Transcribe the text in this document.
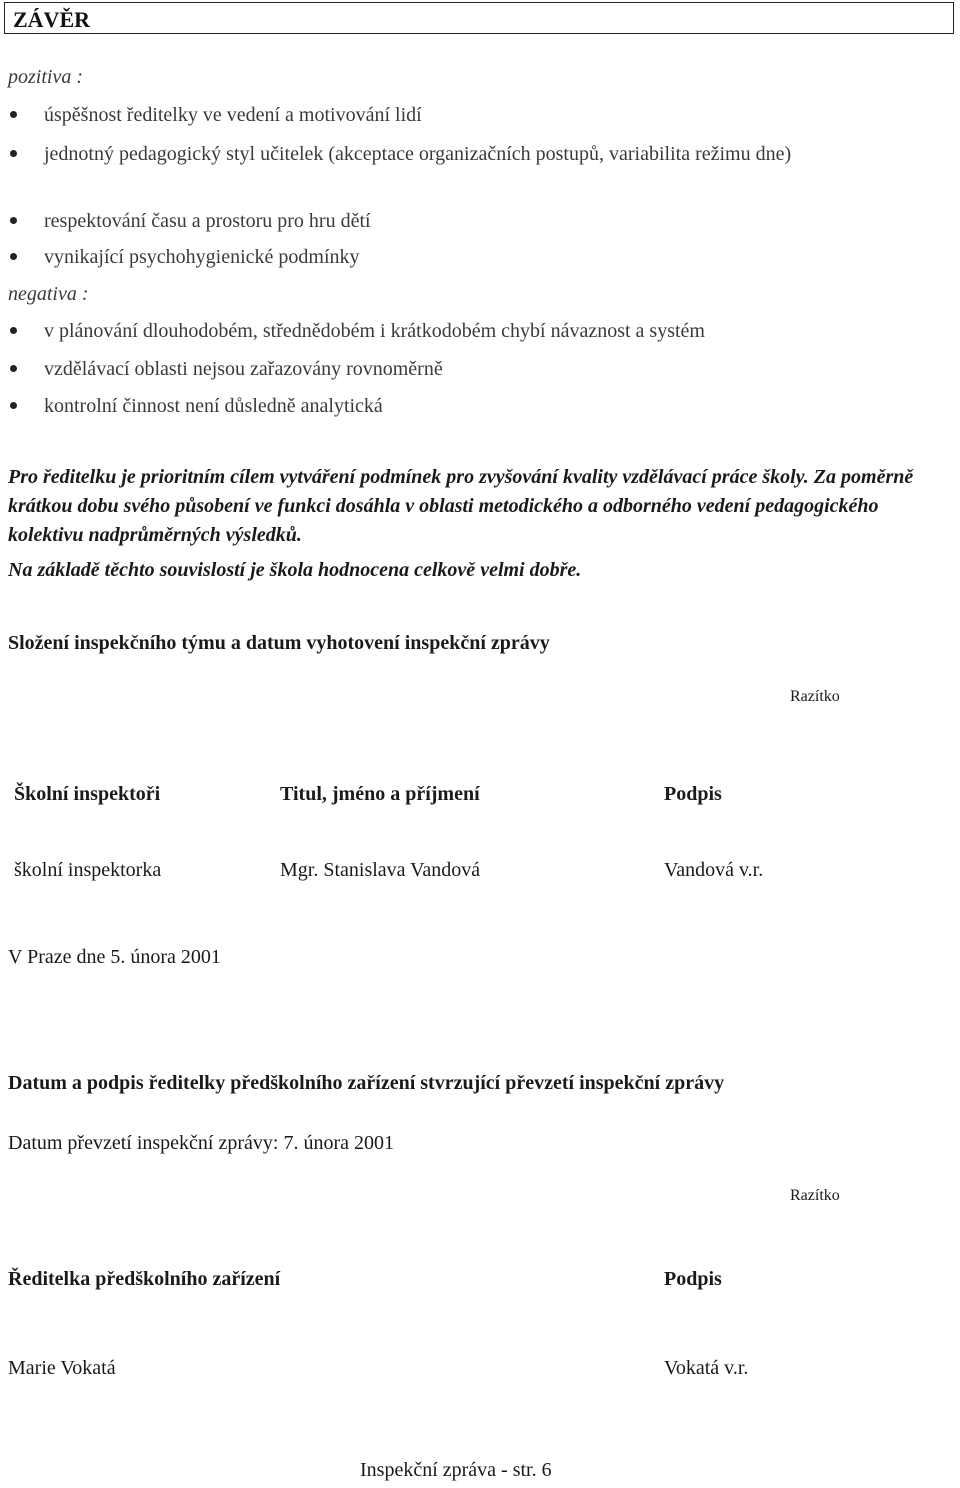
ZÁVĚR
pozitiva :
úspěšnost ředitelky ve vedení a motivování lidí
jednotný pedagogický styl učitelek (akceptace organizačních postupů, variabilita režimu dne)
respektování času a prostoru pro hru dětí
vynikající psychohygienické podmínky
negativa :
v plánování dlouhodobém, střednědobém i krátkodobém chybí návaznost a systém
vzdělávací oblasti nejsou zařazovány rovnoměrně
kontrolní činnost není důsledně analytická
Pro ředitelku je prioritním cílem vytváření podmínek pro zvyšování kvality vzdělávací práce školy. Za poměrně krátkou dobu svého působení ve funkci dosáhla v oblasti metodického a odborného vedení pedagogického kolektivu nadprůměrných výsledků.
Na základě těchto souvislostí je škola hodnocena celkově velmi dobře.
Složení inspekčního týmu a datum vyhotovení inspekční zprávy
Razítko
Školní inspektoři	Titul, jméno a příjmení	Podpis
školní inspektorka	Mgr. Stanislava Vandová	Vandová v.r.
V Praze dne 5. února 2001
Datum a podpis ředitelky předškolního zařízení stvrzující převzetí inspekční zprávy
Datum převzetí inspekční zprávy: 7. února 2001
Razítko
Ředitelka předškolního zařízení	Podpis
Marie Vokatá	Vokatá v.r.
Inspekční zpráva - str. 6
